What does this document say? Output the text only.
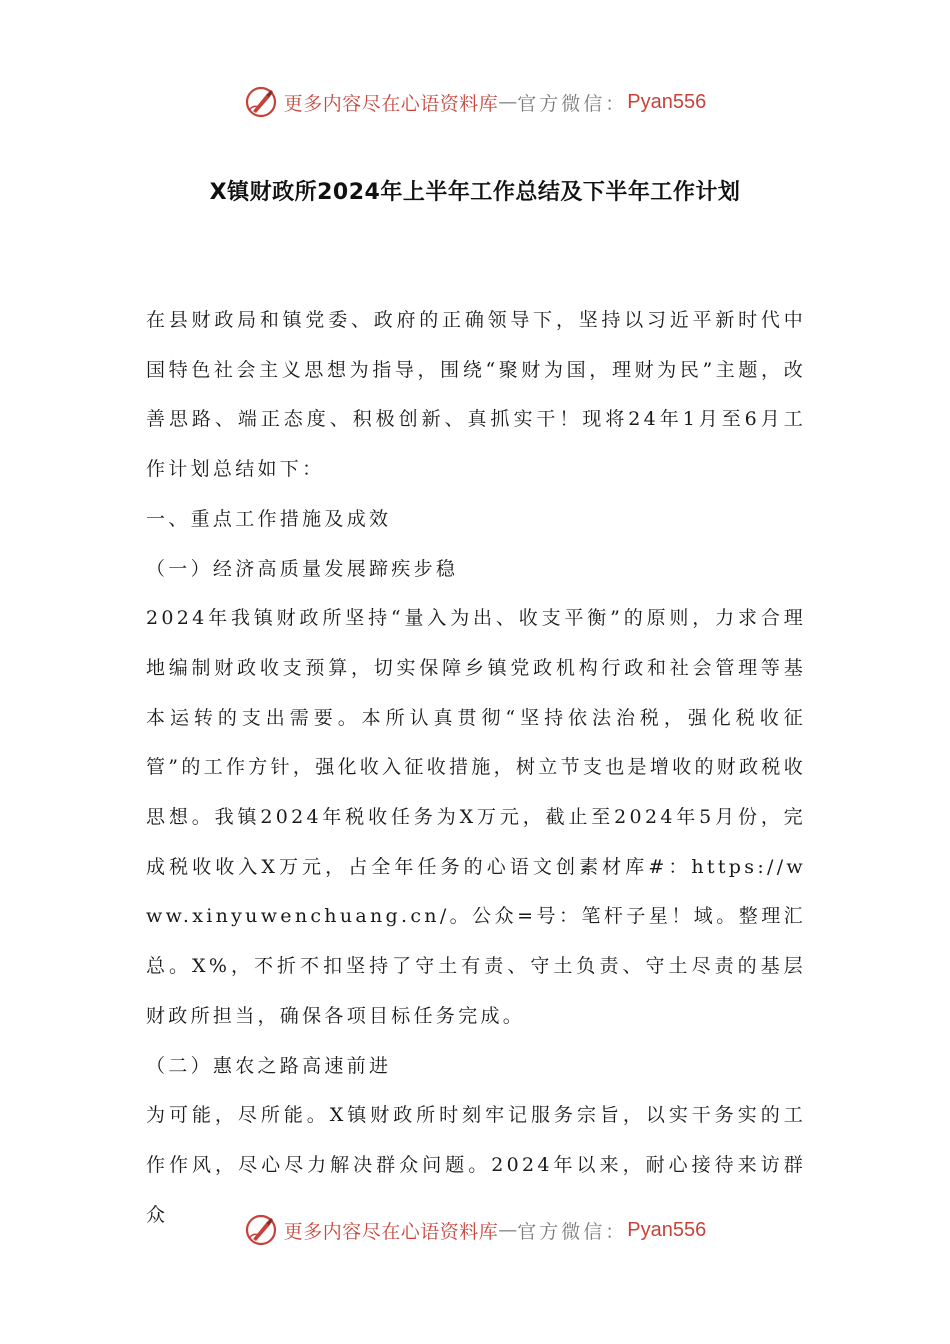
更多内容尽在心语资料库 — 官方微信： Pyan556
X镇财政所2024年上半年工作总结及下半年工作计划

在县财政局和镇党委、政府的正确领导下，坚持以习近平新时代中国特色社会主义思想为指导，围绕“聚财为国，理财为民”主题，改善思路、端正态度、积极创新、真抓实干！现将24年1月至6月工作计划总结如下：

一、重点工作措施及成效

（一）经济高质量发展蹄疾步稳

2024年我镇财政所坚持“量入为出、收支平衡”的原则，力求合理地编制财政收支预算，切实保障乡镇党政机构行政和社会管理等基本运转的支出需要。本所认真贯彻“坚持依法治税，强化税收征管”的工作方针，强化收入征收措施，树立节支也是增收的财政税收思想。我镇2024年税收任务为X万元，截止至2024年5月份，完成税收收入X万元，占全年任务的心语文创素材库#：https://www.xinyuwenchuang.cn/。公众=号：笔杆子星！域。整理汇总。X%，不折不扣坚持了守土有责、守土负责、守土尽责的基层财政所担当，确保各项目标任务完成。

（二）惠农之路高速前进

为可能，尽所能。X镇财政所时刻牢记服务宗旨，以实干务实的工作作风，尽心尽力解决群众问题。2024年以来，耐心接待来访群众

更多内容尽在心语资料库 — 官方微信： Pyan556
